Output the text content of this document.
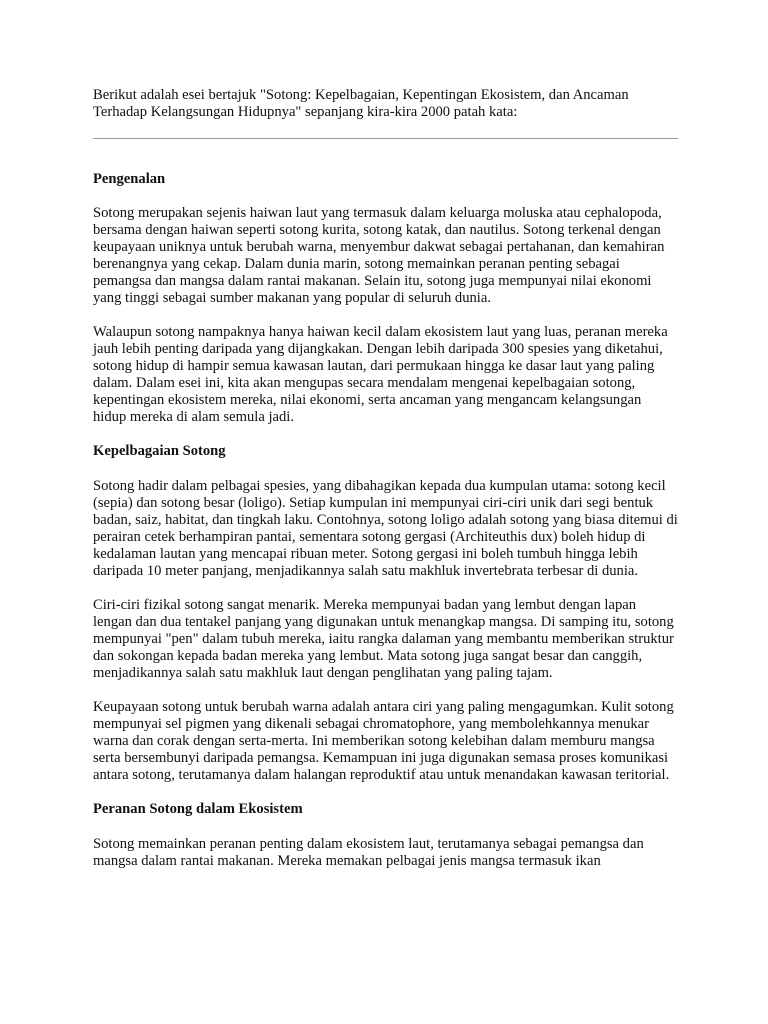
Berikut adalah esei bertajuk "Sotong: Kepelbagaian, Kepentingan Ekosistem, dan Ancaman Terhadap Kelangsungan Hidupnya" sepanjang kira-kira 2000 patah kata:

Pengenalan

Sotong merupakan sejenis haiwan laut yang termasuk dalam keluarga moluska atau cephalopoda, bersama dengan haiwan seperti sotong kurita, sotong katak, dan nautilus. Sotong terkenal dengan keupayaan uniknya untuk berubah warna, menyembur dakwat sebagai pertahanan, dan kemahiran berenangnya yang cekap. Dalam dunia marin, sotong memainkan peranan penting sebagai pemangsa dan mangsa dalam rantai makanan. Selain itu, sotong juga mempunyai nilai ekonomi yang tinggi sebagai sumber makanan yang popular di seluruh dunia.

Walaupun sotong nampaknya hanya haiwan kecil dalam ekosistem laut yang luas, peranan mereka jauh lebih penting daripada yang dijangkakan. Dengan lebih daripada 300 spesies yang diketahui, sotong hidup di hampir semua kawasan lautan, dari permukaan hingga ke dasar laut yang paling dalam. Dalam esei ini, kita akan mengupas secara mendalam mengenai kepelbagaian sotong, kepentingan ekosistem mereka, nilai ekonomi, serta ancaman yang mengancam kelangsungan hidup mereka di alam semula jadi.

Kepelbagaian Sotong

Sotong hadir dalam pelbagai spesies, yang dibahagikan kepada dua kumpulan utama: sotong kecil (sepia) dan sotong besar (loligo). Setiap kumpulan ini mempunyai ciri-ciri unik dari segi bentuk badan, saiz, habitat, dan tingkah laku. Contohnya, sotong loligo adalah sotong yang biasa ditemui di perairan cetek berhampiran pantai, sementara sotong gergasi (Architeuthis dux) boleh hidup di kedalaman lautan yang mencapai ribuan meter. Sotong gergasi ini boleh tumbuh hingga lebih daripada 10 meter panjang, menjadikannya salah satu makhluk invertebrata terbesar di dunia.

Ciri-ciri fizikal sotong sangat menarik. Mereka mempunyai badan yang lembut dengan lapan lengan dan dua tentakel panjang yang digunakan untuk menangkap mangsa. Di samping itu, sotong mempunyai "pen" dalam tubuh mereka, iaitu rangka dalaman yang membantu memberikan struktur dan sokongan kepada badan mereka yang lembut. Mata sotong juga sangat besar dan canggih, menjadikannya salah satu makhluk laut dengan penglihatan yang paling tajam.

Keupayaan sotong untuk berubah warna adalah antara ciri yang paling mengagumkan. Kulit sotong mempunyai sel pigmen yang dikenali sebagai chromatophore, yang membolehkannya menukar warna dan corak dengan serta-merta. Ini memberikan sotong kelebihan dalam memburu mangsa serta bersembunyi daripada pemangsa. Kemampuan ini juga digunakan semasa proses komunikasi antara sotong, terutamanya dalam halangan reproduktif atau untuk menandakan kawasan teritorial.

Peranan Sotong dalam Ekosistem

Sotong memainkan peranan penting dalam ekosistem laut, terutamanya sebagai pemangsa dan mangsa dalam rantai makanan. Mereka memakan pelbagai jenis mangsa termasuk ikan
